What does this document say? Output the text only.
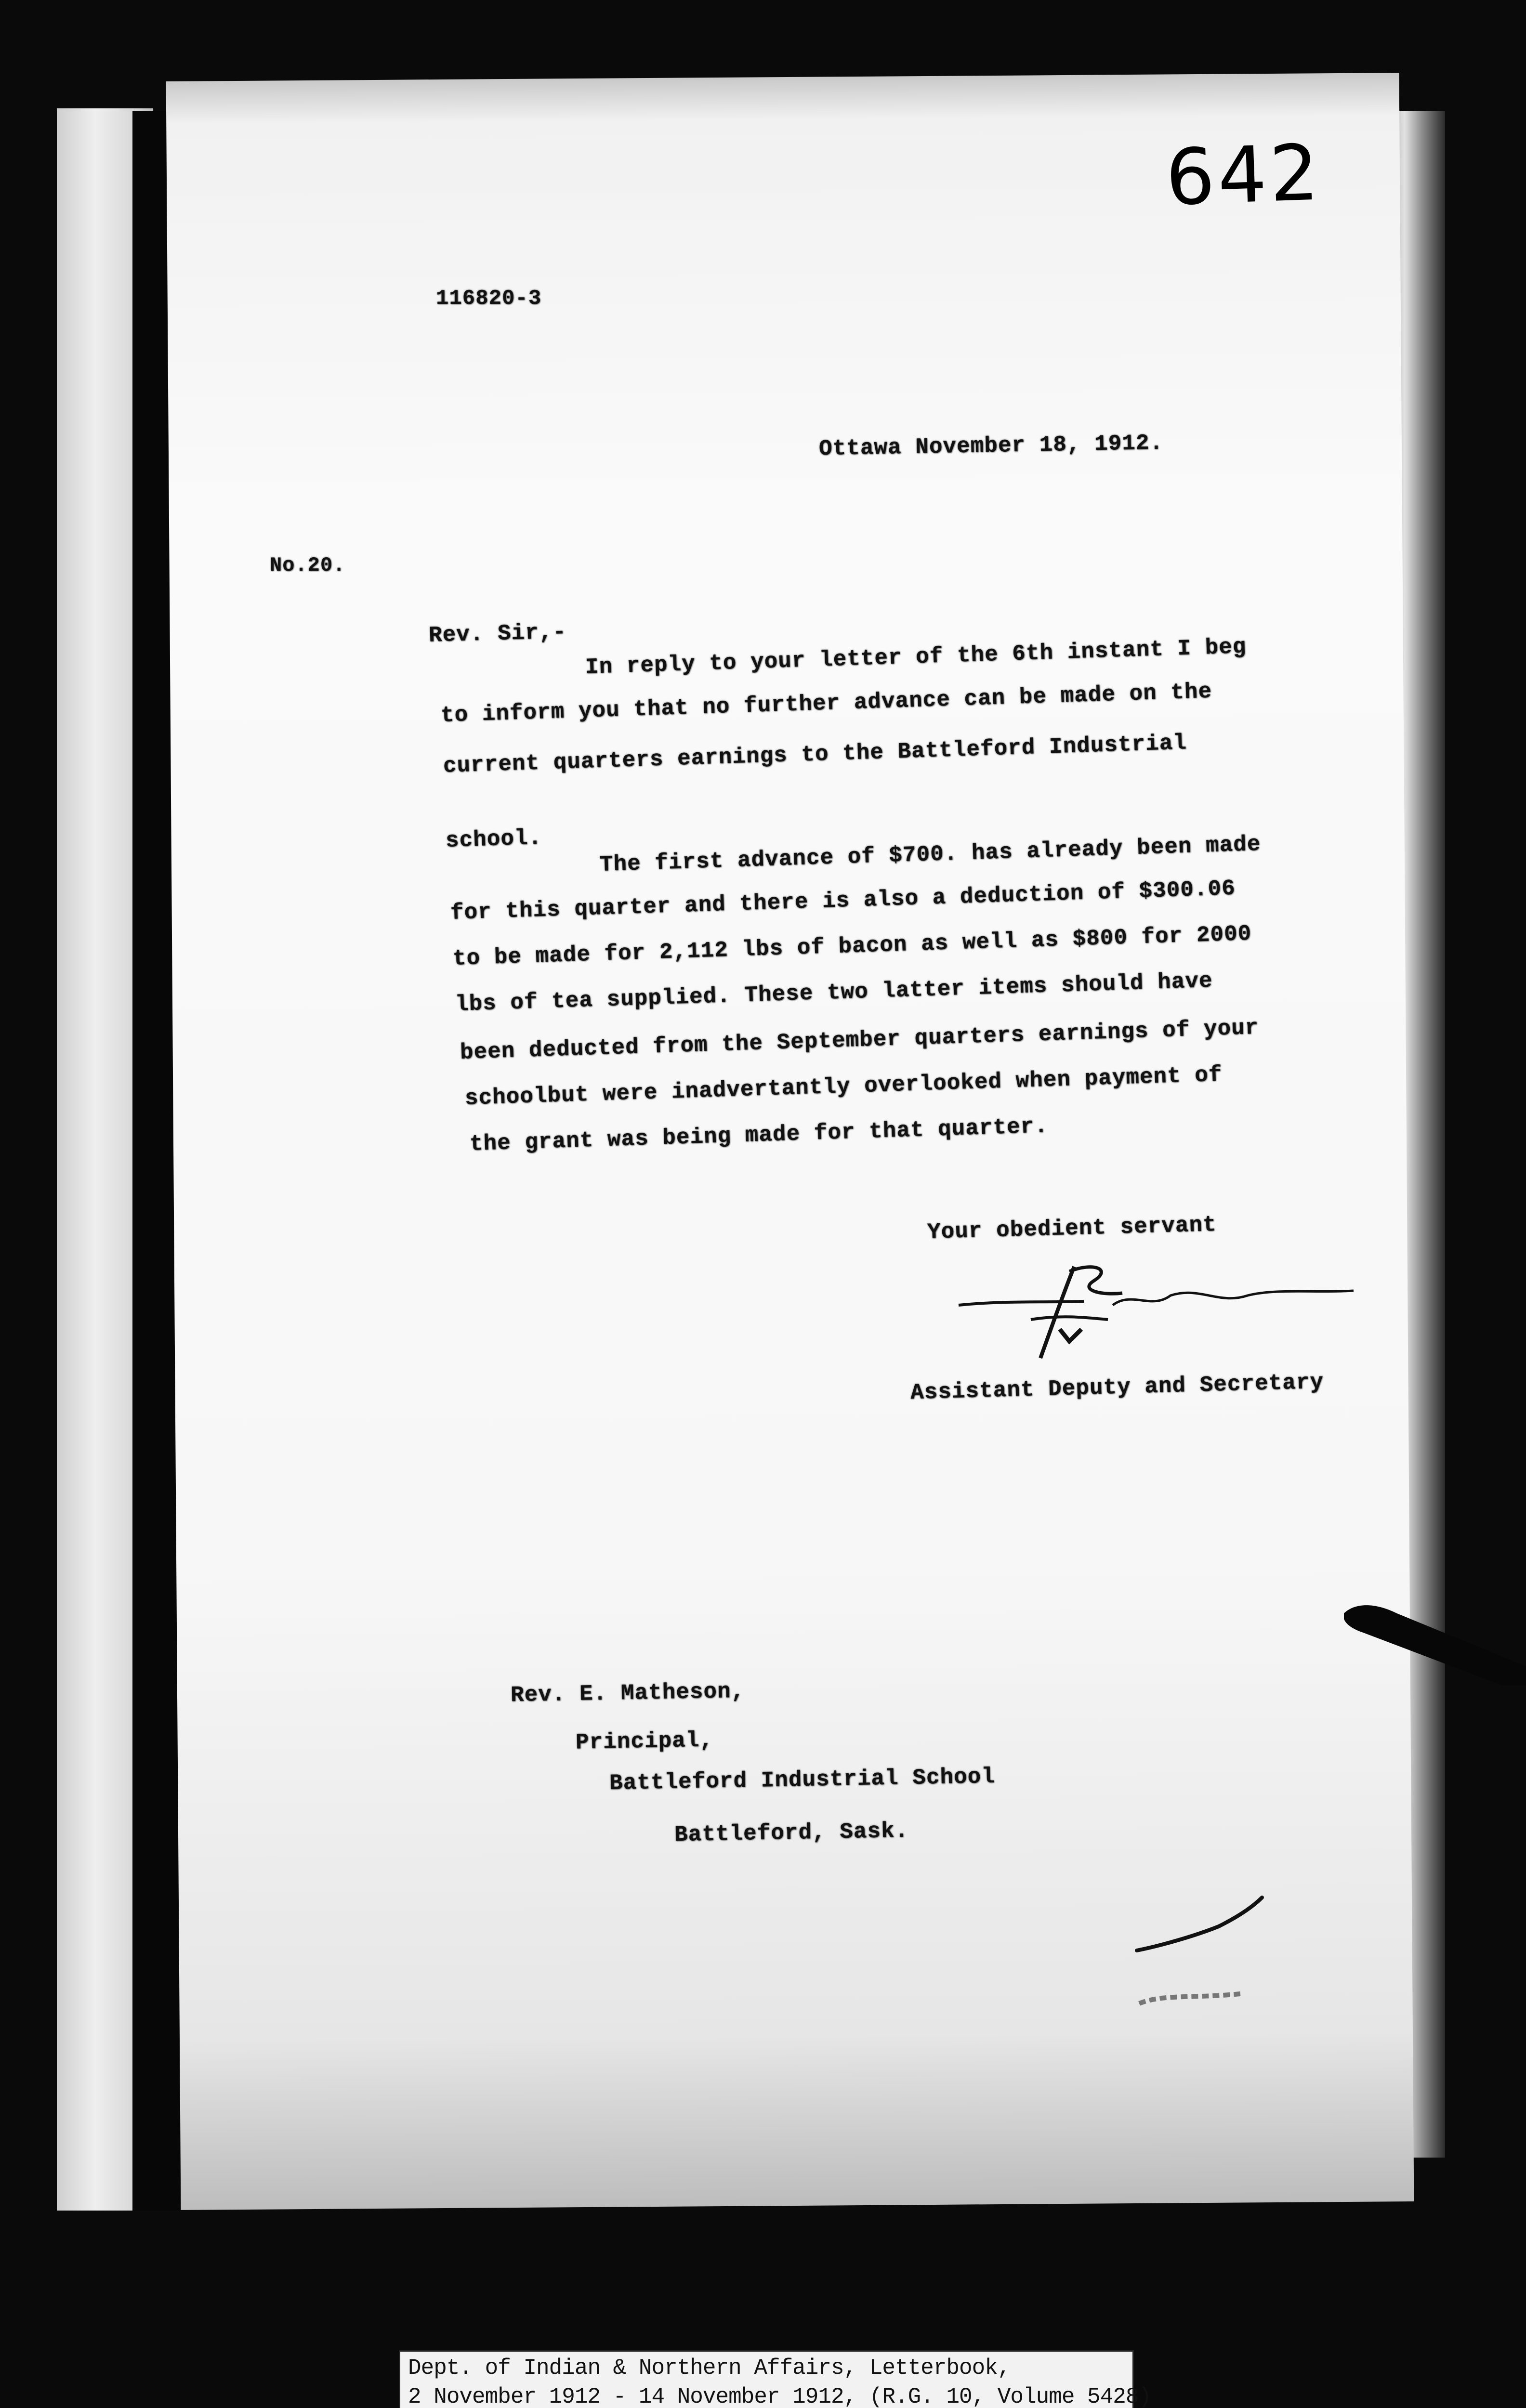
642
116820-3
Ottawa November 18, 1912.
No.20.
Rev. Sir,-
In reply to your letter of the 6th instant I beg
to inform you that no further advance can be made on the
current quarters earnings to the Battleford Industrial
school.	The first advance of $700. has already been made
for this quarter and there is also a deduction of $300.06
to be made for 2,112 lbs of bacon as well as $800 for 2000
lbs of tea supplied. These two latter items should have
been deducted from the September quarters earnings of your
schoolbut were inadvertantly overlooked when payment of
the grant was being made for that quarter.
Your obedient servant
Assistant Deputy and Secretary
Rev. E. Matheson,
Principal,
Battleford Industrial School
Battleford, Sask.
Dept. of Indian & Northern Affairs, Letterbook,
2 November 1912 - 14 November 1912, (R.G. 10, Volume 5428)
